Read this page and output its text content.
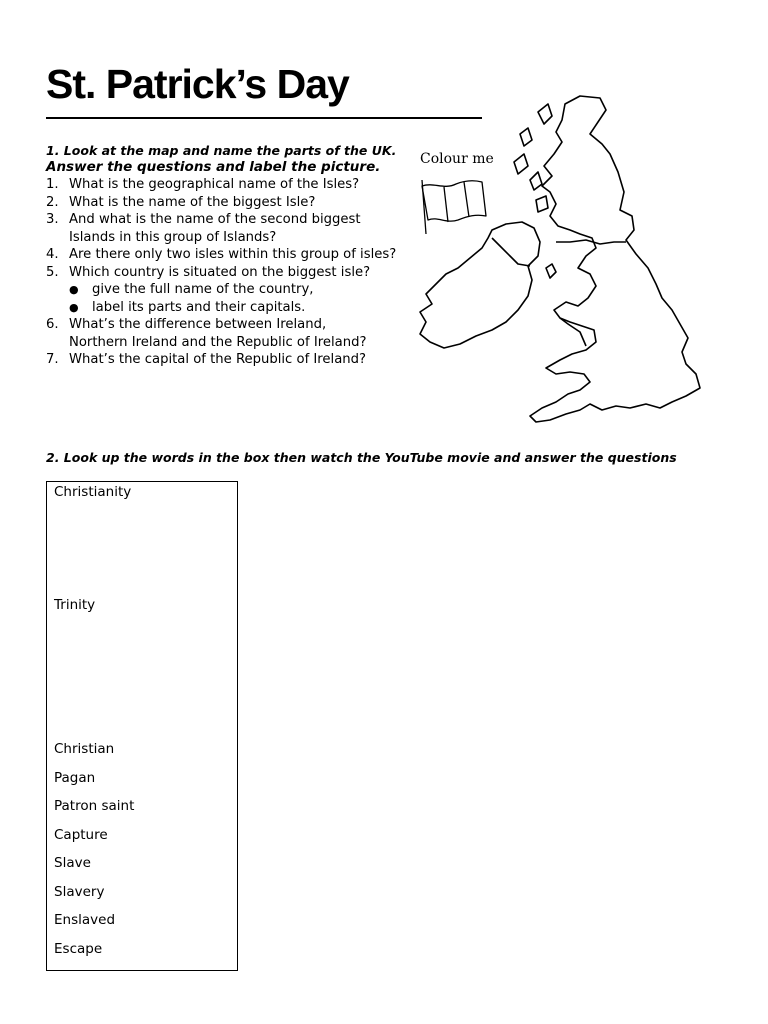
St. Patrick’s Day
1. Look at the map and name the parts of the UK.
Answer the questions and label the picture.
1. What is the geographical name of the Isles?
2. What is the name of the biggest Isle?
3. And what is the name of the second biggest
Islands in this group of Islands?
4. Are there only two isles within this group of isles?
5. Which country is situated on the biggest isle?
●	give the full name of the country,
●	label its parts and their capitals.
6. What’s the difference between Ireland,
Northern Ireland and the Republic of Ireland?
7. What’s the capital of the Republic of Ireland?
Colour me
2. Look up the words in the box then watch the YouTube movie and answer the questions
Christianity
Trinity
Christian
Pagan
Patron saint
Capture
Slave
Slavery
Enslaved
Escape
